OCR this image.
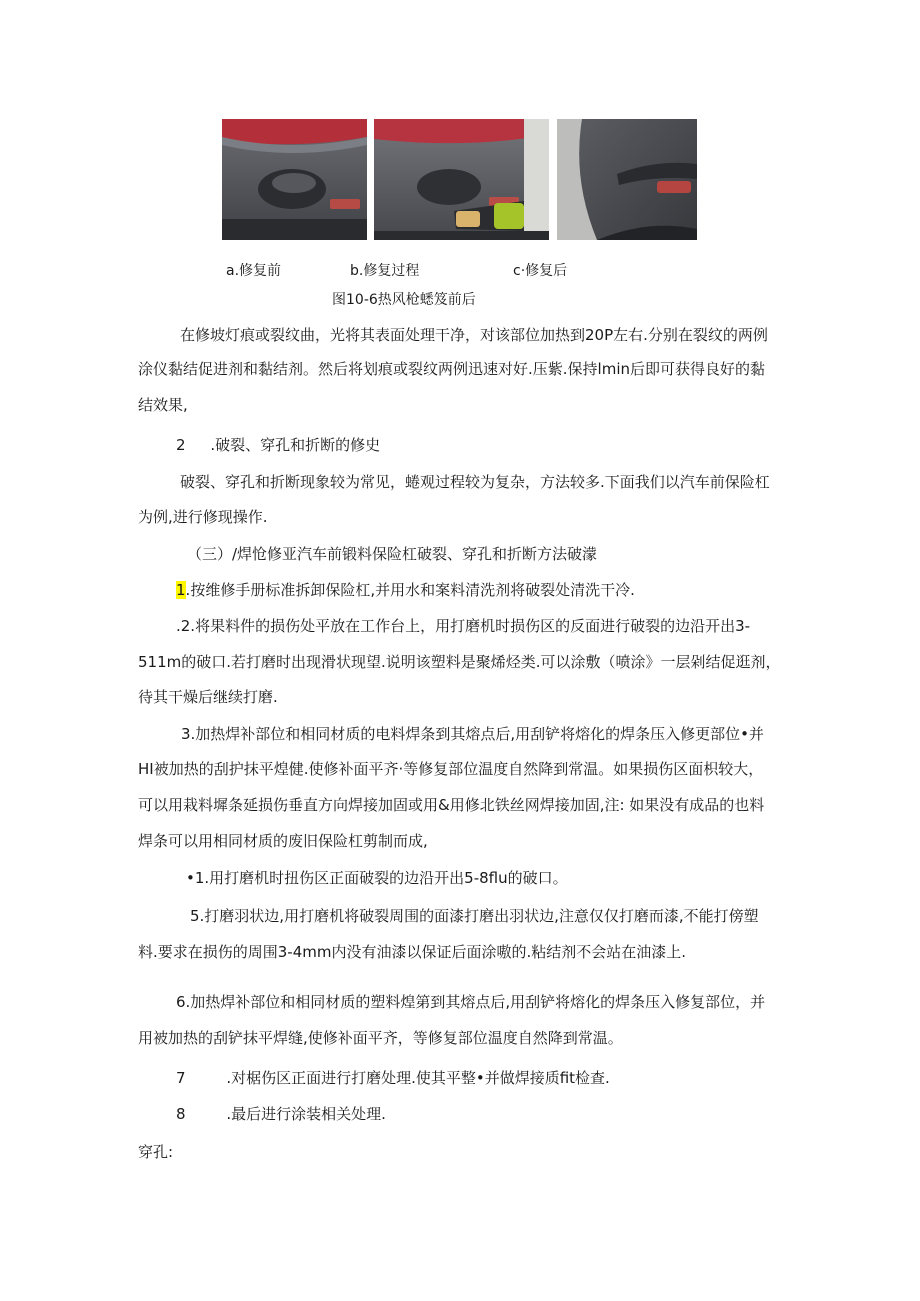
a.修复前	b.修复过程	c·修复后
图10-6热风枪蟋笈前后
在修坡灯痕或裂纹曲，光将其表面处理干净，对该部位加热到20P左右.分别在裂纹的两例
涂仪黏结促进剂和黏结剂。然后将划痕或裂纹两例迅速对好.压紫.保持lmin后即可获得良好的黏
结效果,
2 .破裂、穿孔和折断的修史
破裂、穿孔和折断现象较为常见，蜷观过程较为复杂，方法较多.下面我们以汽车前保险杠
为例,进行修现操作.
（三）/焊怆修亚汽车前锻料保险杠破裂、穿孔和折断方法破濛
1.按维修手册标准拆卸保险杠,并用水和案料清洗剂将破裂处清洗干冷.
.2.将果料件的损伤处平放在工作台上，用打磨机时损伤区的反面进行破裂的边沿开出3-
511m的破口.若打磨时出现滑状现望.说明该塑料是聚烯烃类.可以涂敷（喷涂》一层剁结促逛剂，
待其干燥后继续打磨.
3.加热焊补部位和相同材质的电料焊条到其熔点后,用刮铲将熔化的焊条压入修更部位•并
HI被加热的刮护抹平煌健.使修补面平齐·等修复部位温度自然降到常温。如果损伤区面枳较大，
可以用栽料墀条延损伤垂直方向焊接加固或用&用修北铁丝网焊接加固,注: 如果没有成品的也料
焊条可以用相同材质的废旧保险杠剪制而成,
•1.用打磨机时扭伤区正面破裂的边沿开出5-8flu的破口。
5.打磨羽状边,用打磨机将破裂周围的面漆打磨出羽状边,注意仅仅打磨而漆,不能打傍塑
料.要求在损伤的周围3-4mm内没有油漆以保证后面涂嗷的.粘结剂不会站在油漆上.
6.加热焊补部位和相同材质的塑料煌第到其熔点后,用刮铲将熔化的焊条压入修复部位，并
用被加热的刮铲抹平焊缝,使修补面平齐，等修复部位温度自然降到常温。
7	.对椐伤区正面进行打磨处理.使其平整•并做焊接质fit检查.
8	.最后进行涂装相关处理.
穿孔:
